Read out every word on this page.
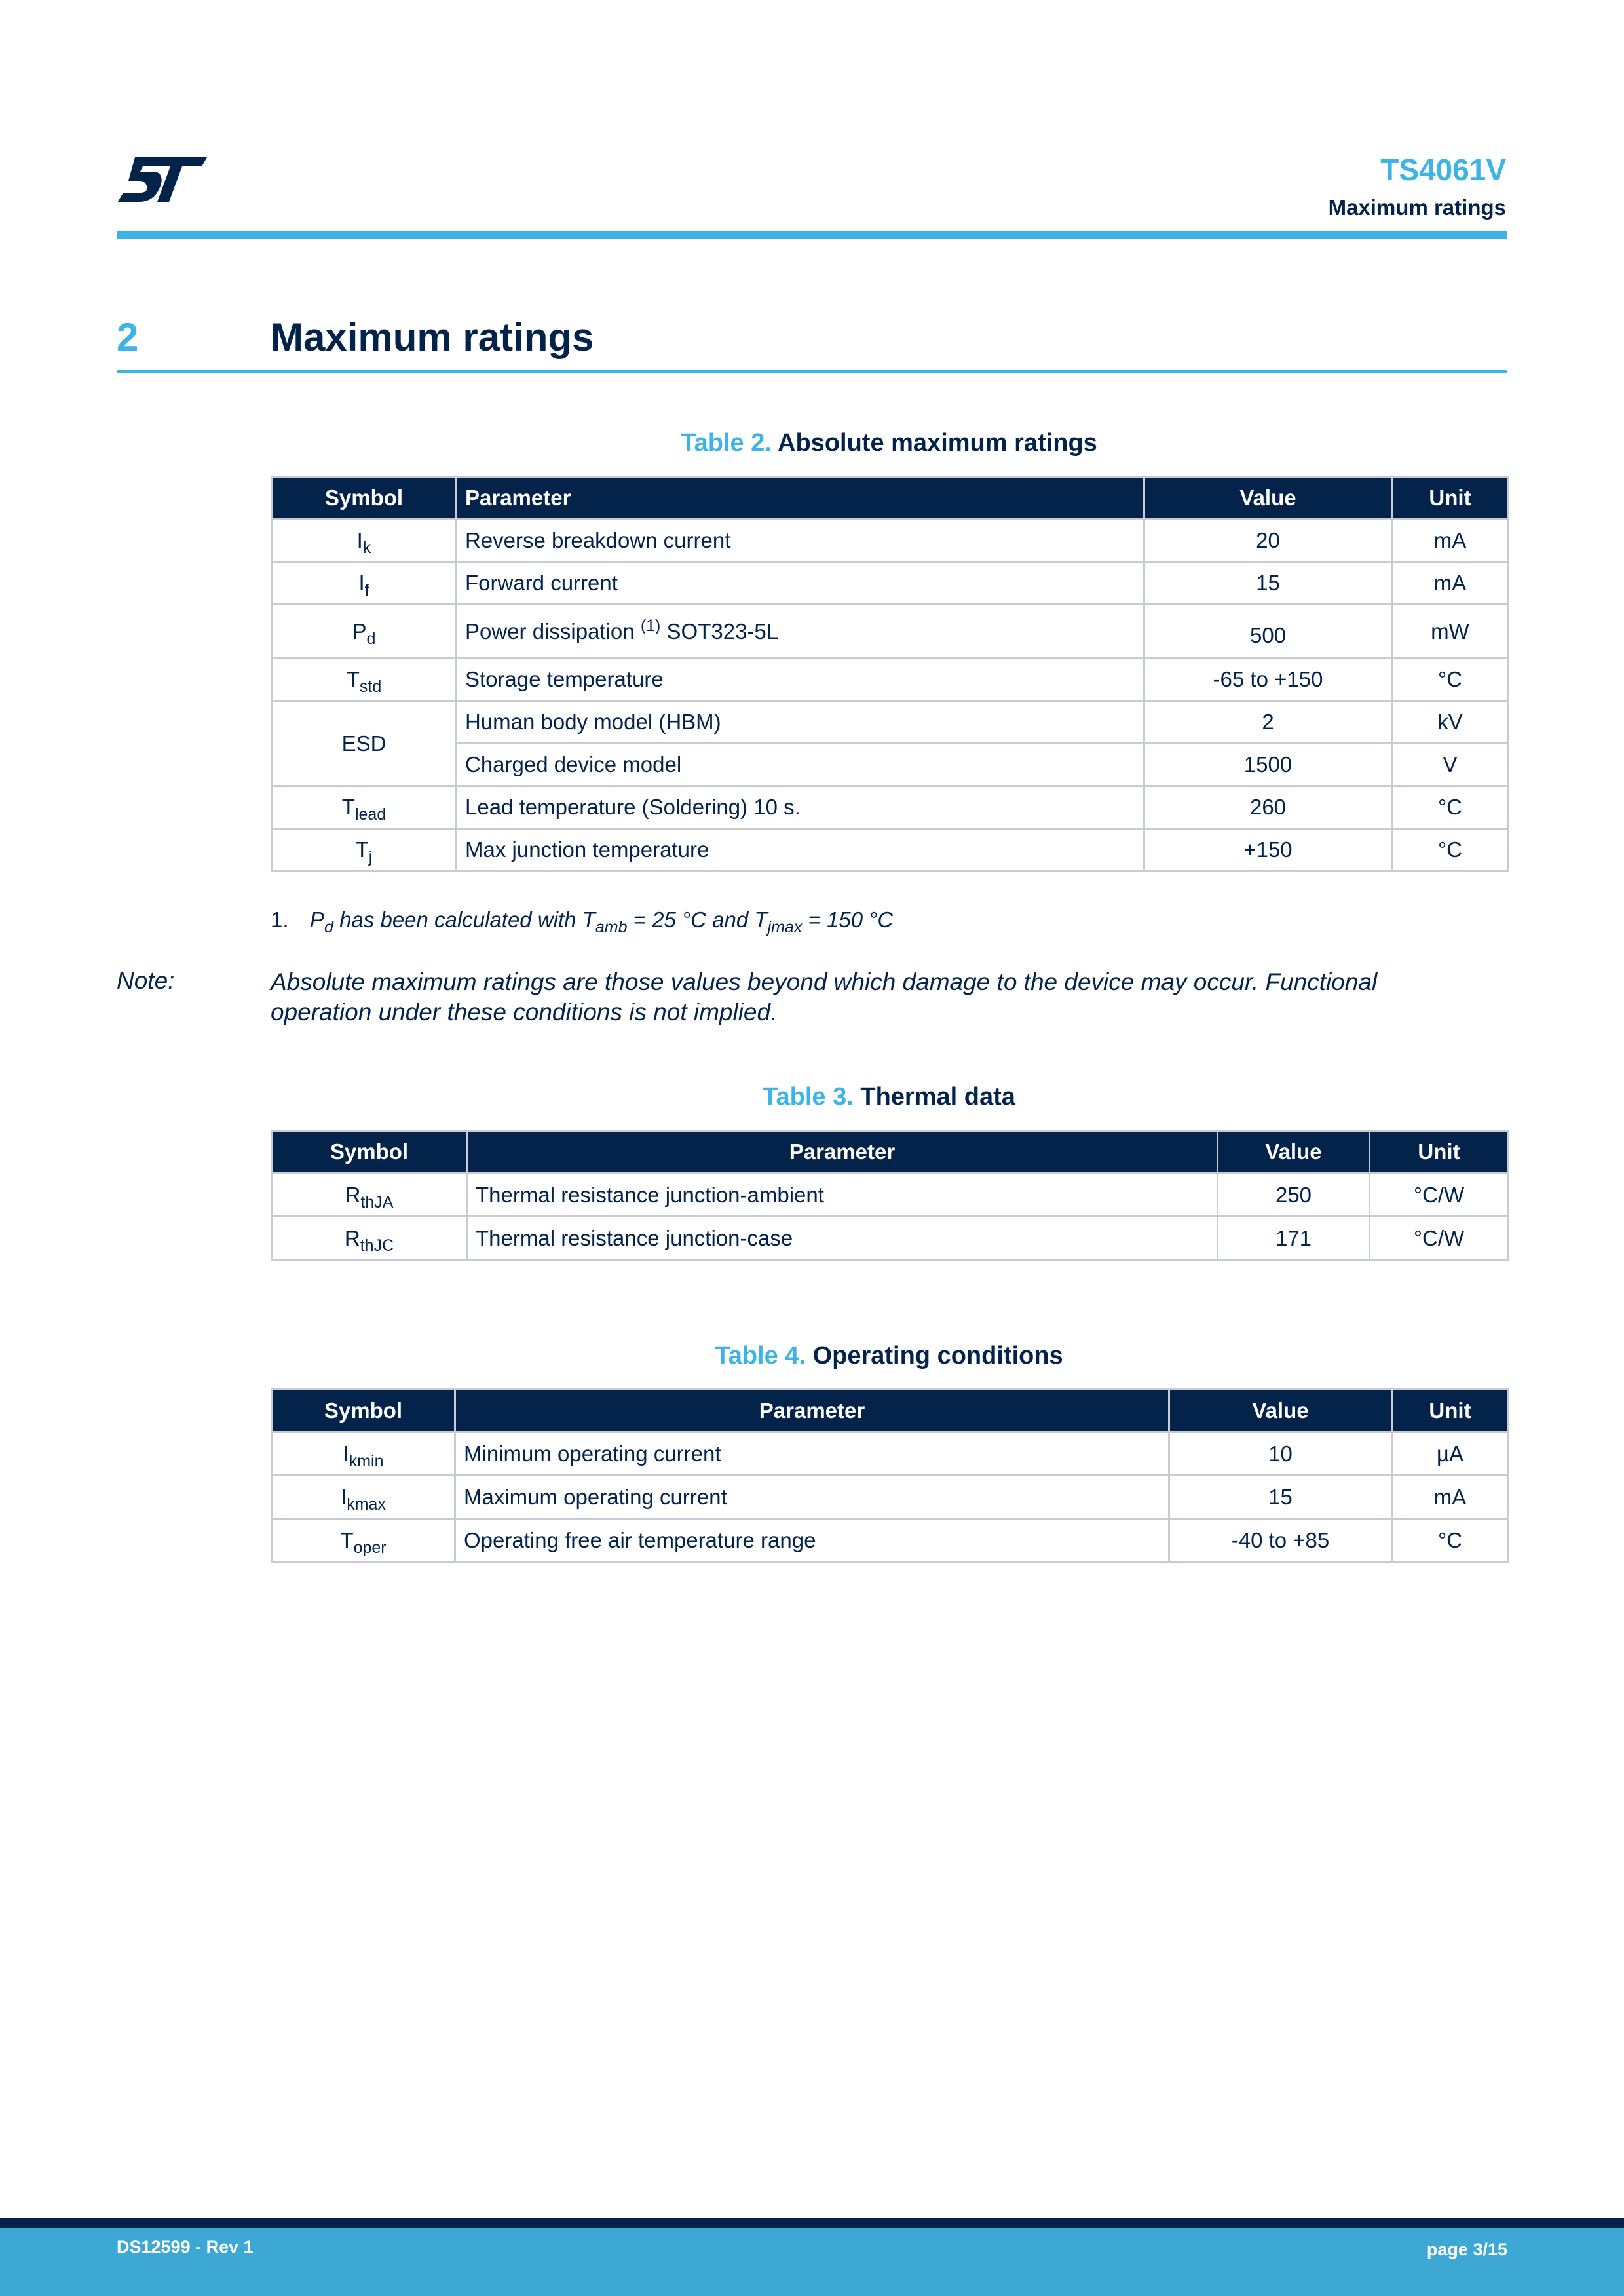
TS4061V
Maximum ratings
2	Maximum ratings
Table 2. Absolute maximum ratings
Symbol	Parameter	Value	Unit
$I_k$	Reverse breakdown current	20	mA
$I_f$	Forward current	15	mA
$P_d$	Power dissipation $^{(1)}$ SOT323-5L	500	mW
$T_{std}$	Storage temperature	-65 to +150	°C
ESD	Human body model (HBM)	2	kV
	Charged device model	1500	V
$T_{lead}$	Lead temperature (Soldering) 10 s.	260	°C
$T_j$	Max junction temperature	+150	°C
1. $P_d$ has been calculated with $T_{amb} = 25$ °C and $T_{jmax} = 150$ °C
Note:	Absolute maximum ratings are those values beyond which damage to the device may occur. Functional operation under these conditions is not implied.
Table 3. Thermal data
Symbol	Parameter	Value	Unit
$R_{thJA}$	Thermal resistance junction-ambient	250	°C/W
$R_{thJC}$	Thermal resistance junction-case	171	°C/W
Table 4. Operating conditions
Symbol	Parameter	Value	Unit
$I_{kmin}$	Minimum operating current	10	µA
$I_{kmax}$	Maximum operating current	15	mA
$T_{oper}$	Operating free air temperature range	-40 to +85	°C
DS12599 - Rev 1	page 3/15
